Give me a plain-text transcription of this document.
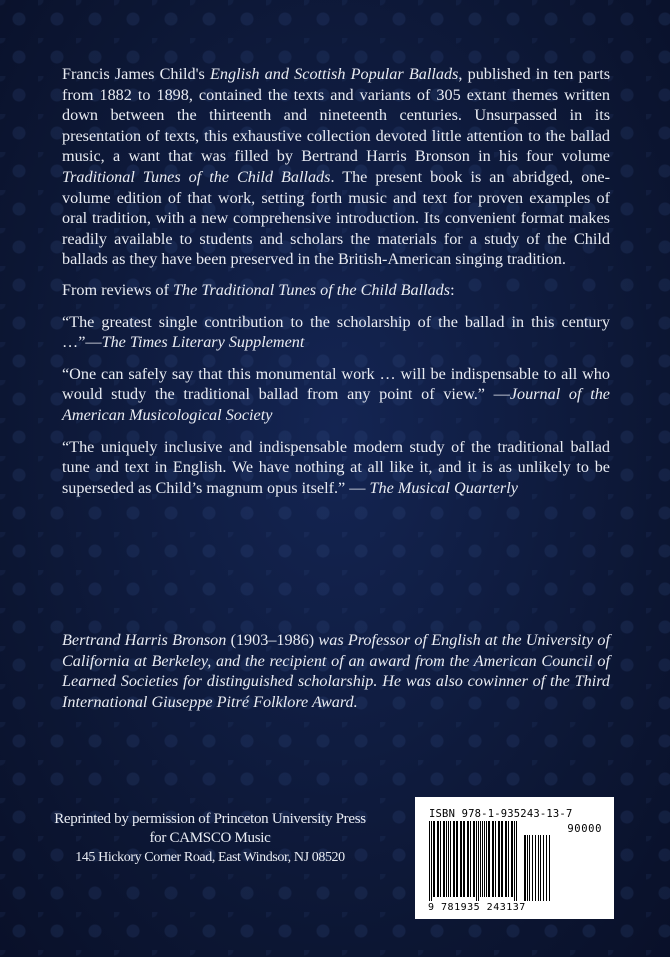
Francis James Child's English and Scottish Popular Ballads, published in ten parts from 1882 to 1898, contained the texts and variants of 305 extant themes written down between the thirteenth and nineteenth centuries. Unsurpassed in its presentation of texts, this exhaustive collection devoted little attention to the ballad music, a want that was filled by Bertrand Harris Bronson in his four volume Traditional Tunes of the Child Ballads. The present book is an abridged, one-volume edition of that work, setting forth music and text for proven examples of oral tradition, with a new comprehensive introduction. Its convenient format makes readily available to students and scholars the materials for a study of the Child ballads as they have been preserved in the British-American singing tradition.

From reviews of The Traditional Tunes of the Child Ballads:

“The greatest single contribution to the scholarship of the ballad in this century …”—The Times Literary Supplement

“One can safely say that this monumental work … will be indispensable to all who would study the traditional ballad from any point of view.” —Journal of the American Musicological Society

“The uniquely inclusive and indispensable modern study of the traditional ballad tune and text in English. We have nothing at all like it, and it is as unlikely to be superseded as Child’s magnum opus itself.” — The Musical Quarterly

Bertrand Harris Bronson (1903–1986) was Professor of English at the University of California at Berkeley, and the recipient of an award from the American Council of Learned Societies for distinguished scholarship. He was also cowinner of the Third International Giuseppe Pitré Folklore Award.

Reprinted by permission of Princeton University Press
for CAMSCO Music
145 Hickory Corner Road, East Windsor, NJ 08520
ISBN 978-1-935243-13-7
90000
9 781935 243137
